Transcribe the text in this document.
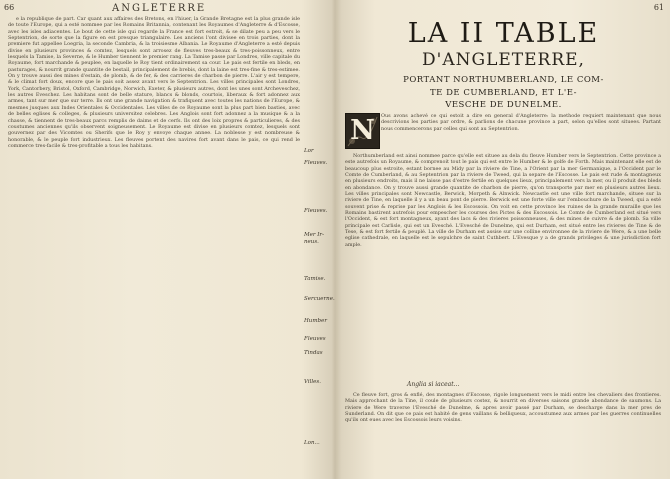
66	ANGLETERRE

e la republique de part. Car quant aux affaires des Bretons, en l'hiuer, la Grande Bretagne est la plus grande isle de toute l'Europe, qui a esté nommee par les Romains Britannia, contenant les Royaumes d'Angleterre & d'Escosse, avec les isles adiacentes. Le bout de cette isle qui regarde la France est fort estroit, & se dilate peu a peu vers le Septentrion, de sorte que la figure en est presque triangulaire. Les anciens l'ont divisee en trois parties, dont la premiere fut appellee Loegria, la seconde Cambria, & la troisiesme Albania. Le Royaume d'Angleterre a esté depuis divise en plusieurs provinces & comtez, lesquels sont arrosez de fleuves tres-beaux & tres-poissonneux, entre lesquels la Tamise, la Severne, & le Humber tiennent le premier rang. La Tamise passe par Londres, ville capitale du Royaume, fort marchande & peuplee, en laquelle le Roy tient ordinairement sa cour. Le pais est fertile en bleds, en pasturages, & nourrit grande quantite de bestail, principalement de brebis, dont la laine est tres-fine & tres-estimee. On y trouve aussi des mines d'estain, de plomb, & de fer, & des carrieres de charbon de pierre. L'air y est tempere, & le climat fort doux, encore que le pais soit assez avant vers le Septentrion. Les villes principales sont Londres, York, Cantorbery, Bristol, Oxford, Cambridge, Norwich, Exeter, & plusieurs autres, dont les unes sont Archeveschez, les autres Eveschez. Les habitans sont de belle stature, blancs & blonds, courtois, liberaux & fort adonnez aux armes, tant sur mer que sur terre. Ils ont une grande navigation & trafiquent avec toutes les nations de l'Europe, & mesmes jusques aux Indes Orientales & Occidentales. Les villes de ce Royaume sont la plus part bien basties, avec de belles eglises & colleges, & plusieurs universitez celebres. Les Anglois sont fort adonnez a la musique & a la chasse, & tiennent de tres-beaux parcs remplis de daims et de cerfs. Ils ont des loix propres & particulieres, & des coustumes anciennes qu'ils observent soigneusement. Le Royaume est divise en plusieurs comtez, lesquels sont gouvernez par des Vicomtes ou Sherifs que le Roy y envoye chaque annee. La noblesse y est nombreuse & honorable, & le peuple fort industrieux. Les fleuves portent des navires fort avant dans le pais, ce qui rend le commerce tres-facile & tres-profitable a tous les habitans.

Lor
Fleuves.
Fleuves.
Mer Ir-
neus.
Tamise.
Sercuerne.
Humber
Fleuves
Tindas
Villes.
Lon...
61
LA II TABLE
D'ANGLETERRE,
PORTANT NORTHUMBERLAND, LE COM-
TE DE CUMBERLAND, ET L'E-
VESCHE DE DUNELME.
N	Ous avons achevé ce qui estoit a dire en general d'Angleterre: la methode requiert maintenant que nous descrivions les parties par ordre, & parlions de chacune province a part, selon qu'elles sont situees. Partant nous commencerons par celles qui sont au Septentrion.

Northumberland est ainsi nommee parce qu'elle est situee au dela du fleuve Humber vers le Septentrion. Cette province a este autrefois un Royaume, & comprenoit tout le pais qui est entre le Humber & le golfe de Forth. Mais maintenant elle est de beaucoup plus estroite, estant bornee au Midy par la riviere de Tine, a l'Orient par la mer Germanique, a l'Occident par le Comte de Cumberland, & au Septentrion par la riviere de Tweed, qui la separe de l'Escosse. Le pais est rude & montagneux en plusieurs endroits, mais il ne laisse pas d'estre fertile en quelques lieux, principalement vers la mer, ou il produit des bleds en abondance. On y trouve aussi grande quantite de charbon de pierre, qu'on transporte par mer en plusieurs autres lieux. Les villes principales sont Newcastle, Berwick, Morpeth & Alnwick. Newcastle est une ville fort marchande, situee sur la riviere de Tine, en laquelle il y a un beau pont de pierre. Berwick est une forte ville sur l'embouchure de la Tweed, qui a esté souvent prise & reprise par les Anglois & les Escossois. On voit en cette province les ruines de la grande muraille que les Romains bastirent autrefois pour empescher les courses des Pictes & des Escossois. Le Comte de Cumberland est situé vers l'Occident, & est fort montagneux, ayant des lacs & des rivieres poissonneuses, & des mines de cuivre & de plomb. Sa ville principale est Carlisle, qui est un Evesché. L'Evesché de Dunelme, qui est Durham, est situé entre les rivieres de Tine & de Tese, & est fort fertile & peuplé. La ville de Durham est assise sur une colline environnee de la riviere de Were, & a une belle eglise cathedrale, en laquelle est le sepulchre de saint Cuthbert. L'Evesque y a de grands privileges & une jurisdiction fort ample.

Anglia si iaceat...

Ce fleuve fort, gros & enflé, des montagnes d'Escosse, rigole longuement vers le midi entre les chevaliers des frontieres. Mais approchant de la Tine, il coule de plusieurs costez, & nourrit en diverses saisons grande abondance de saumons. La riviere de Were traverse l'Evesché de Dunelme, & apres avoir passé par Durham, se descharge dans la mer pres de Sunderland. On dit que ce pais est habité de gens vaillans & belliqueux, accoustumez aux armes par les guerres continuelles qu'ils ont eues avec les Escossois leurs voisins.
